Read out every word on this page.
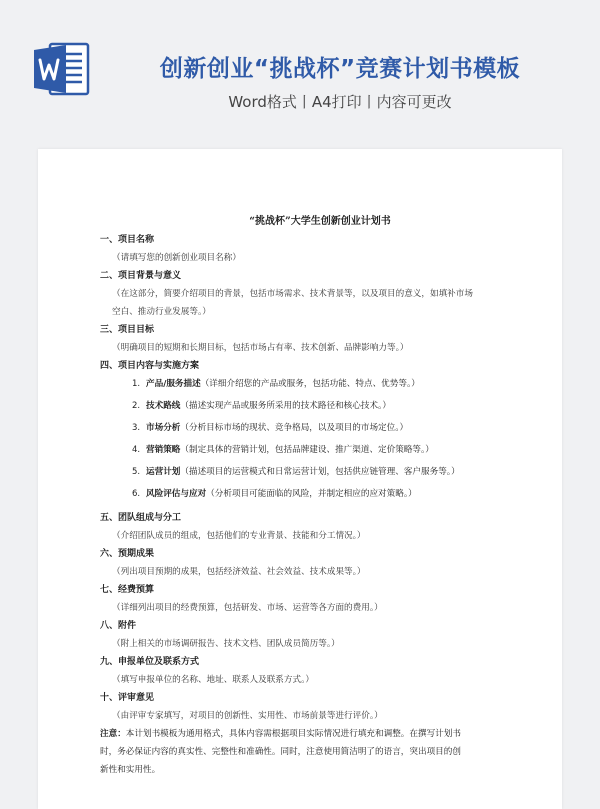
创新创业“挑战杯”竞赛计划书模板
Word格式丨A4打印丨内容可更改
“挑战杯”大学生创新创业计划书
一、项目名称
（请填写您的创新创业项目名称）
二、项目背景与意义
（在这部分，简要介绍项目的背景，包括市场需求、技术背景等，以及项目的意义，如填补市场
空白、推动行业发展等。）
三、项目目标
（明确项目的短期和长期目标，包括市场占有率、技术创新、品牌影响力等。）
四、项目内容与实施方案
1. 产品/服务描述（详细介绍您的产品或服务，包括功能、特点、优势等。）
2. 技术路线（描述实现产品或服务所采用的技术路径和核心技术。）
3. 市场分析（分析目标市场的现状、竞争格局，以及项目的市场定位。）
4. 营销策略（制定具体的营销计划，包括品牌建设、推广渠道、定价策略等。）
5. 运营计划（描述项目的运营模式和日常运营计划，包括供应链管理、客户服务等。）
6. 风险评估与应对（分析项目可能面临的风险，并制定相应的应对策略。）
五、团队组成与分工
（介绍团队成员的组成，包括他们的专业背景、技能和分工情况。）
六、预期成果
（列出项目预期的成果，包括经济效益、社会效益、技术成果等。）
七、经费预算
（详细列出项目的经费预算，包括研发、市场、运营等各方面的费用。）
八、附件
（附上相关的市场调研报告、技术文档、团队成员简历等。）
九、申报单位及联系方式
（填写申报单位的名称、地址、联系人及联系方式。）
十、评审意见
（由评审专家填写，对项目的创新性、实用性、市场前景等进行评价。）
注意：本计划书模板为通用格式，具体内容需根据项目实际情况进行填充和调整。在撰写计划书
时，务必保证内容的真实性、完整性和准确性。同时，注意使用简洁明了的语言，突出项目的创
新性和实用性。
